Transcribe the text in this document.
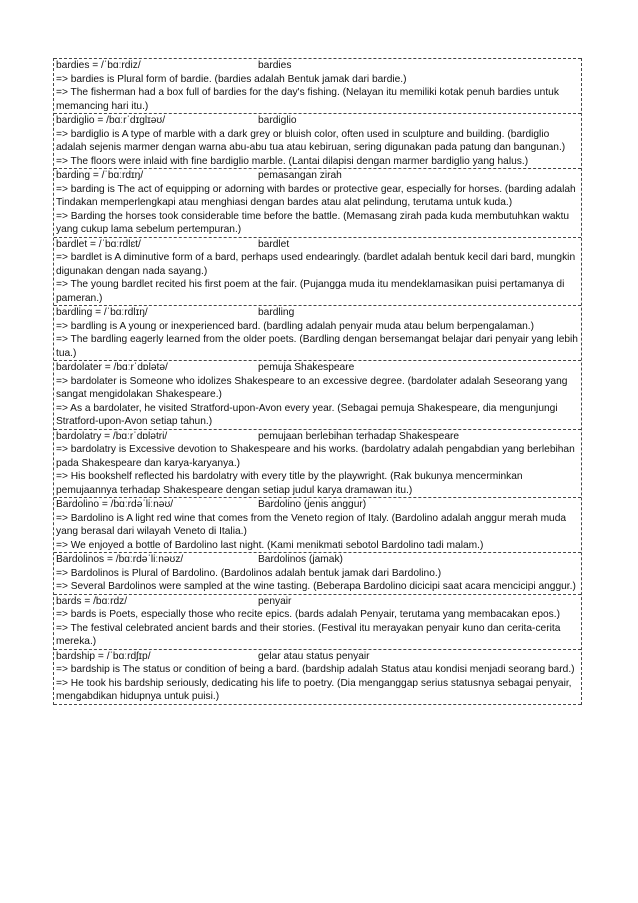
bardies = /ˈbɑːrdiz/	bardies
=> bardies is Plural form of bardie. (bardies adalah Bentuk jamak dari bardie.)
=> The fisherman had a box full of bardies for the day's fishing. (Nelayan itu memiliki kotak penuh bardies untuk memancing hari itu.)
bardiglio = /bɑːrˈdɪɡlɪəʊ/	bardiglio
=> bardiglio is A type of marble with a dark grey or bluish color, often used in sculpture and building. (bardiglio adalah sejenis marmer dengan warna abu-abu tua atau kebiruan, sering digunakan pada patung dan bangunan.)
=> The floors were inlaid with fine bardiglio marble. (Lantai dilapisi dengan marmer bardiglio yang halus.)
barding = /ˈbɑːrdɪŋ/	pemasangan zirah
=> barding is The act of equipping or adorning with bardes or protective gear, especially for horses. (barding adalah Tindakan memperlengkapi atau menghiasi dengan bardes atau alat pelindung, terutama untuk kuda.)
=> Barding the horses took considerable time before the battle. (Memasang zirah pada kuda membutuhkan waktu yang cukup lama sebelum pertempuran.)
bardlet = /ˈbɑːrdlɛt/	bardlet
=> bardlet is A diminutive form of a bard, perhaps used endearingly. (bardlet adalah bentuk kecil dari bard, mungkin digunakan dengan nada sayang.)
=> The young bardlet recited his first poem at the fair. (Pujangga muda itu mendeklamasikan puisi pertamanya di pameran.)
bardling = /ˈbɑːrdlɪŋ/	bardling
=> bardling is A young or inexperienced bard. (bardling adalah penyair muda atau belum berpengalaman.)
=> The bardling eagerly learned from the older poets. (Bardling dengan bersemangat belajar dari penyair yang lebih tua.)
bardolater = /bɑːrˈdɒlətə/	pemuja Shakespeare
=> bardolater is Someone who idolizes Shakespeare to an excessive degree. (bardolater adalah Seseorang yang sangat mengidolakan Shakespeare.)
=> As a bardolater, he visited Stratford-upon-Avon every year. (Sebagai pemuja Shakespeare, dia mengunjungi Stratford-upon-Avon setiap tahun.)
bardolatry = /bɑːrˈdɒlətri/	pemujaan berlebihan terhadap Shakespeare
=> bardolatry is Excessive devotion to Shakespeare and his works. (bardolatry adalah pengabdian yang berlebihan pada Shakespeare dan karya-karyanya.)
=> His bookshelf reflected his bardolatry with every title by the playwright. (Rak bukunya mencerminkan pemujaannya terhadap Shakespeare dengan setiap judul karya dramawan itu.)
Bardolino = /bɑːrdəˈliːnəʊ/	Bardolino (jenis anggur)
=> Bardolino is A light red wine that comes from the Veneto region of Italy. (Bardolino adalah anggur merah muda yang berasal dari wilayah Veneto di Italia.)
=> We enjoyed a bottle of Bardolino last night. (Kami menikmati sebotol Bardolino tadi malam.)
Bardolinos = /bɑːrdəˈliːnəʊz/	Bardolinos (jamak)
=> Bardolinos is Plural of Bardolino. (Bardolinos adalah bentuk jamak dari Bardolino.)
=> Several Bardolinos were sampled at the wine tasting. (Beberapa Bardolino dicicipi saat acara mencicipi anggur.)
bards = /bɑːrdz/	penyair
=> bards is Poets, especially those who recite epics. (bards adalah Penyair, terutama yang membacakan epos.)
=> The festival celebrated ancient bards and their stories. (Festival itu merayakan penyair kuno dan cerita-cerita mereka.)
bardship = /ˈbɑːrdʃɪp/	gelar atau status penyair
=> bardship is The status or condition of being a bard. (bardship adalah Status atau kondisi menjadi seorang bard.)
=> He took his bardship seriously, dedicating his life to poetry. (Dia menganggap serius statusnya sebagai penyair, mengabdikan hidupnya untuk puisi.)
